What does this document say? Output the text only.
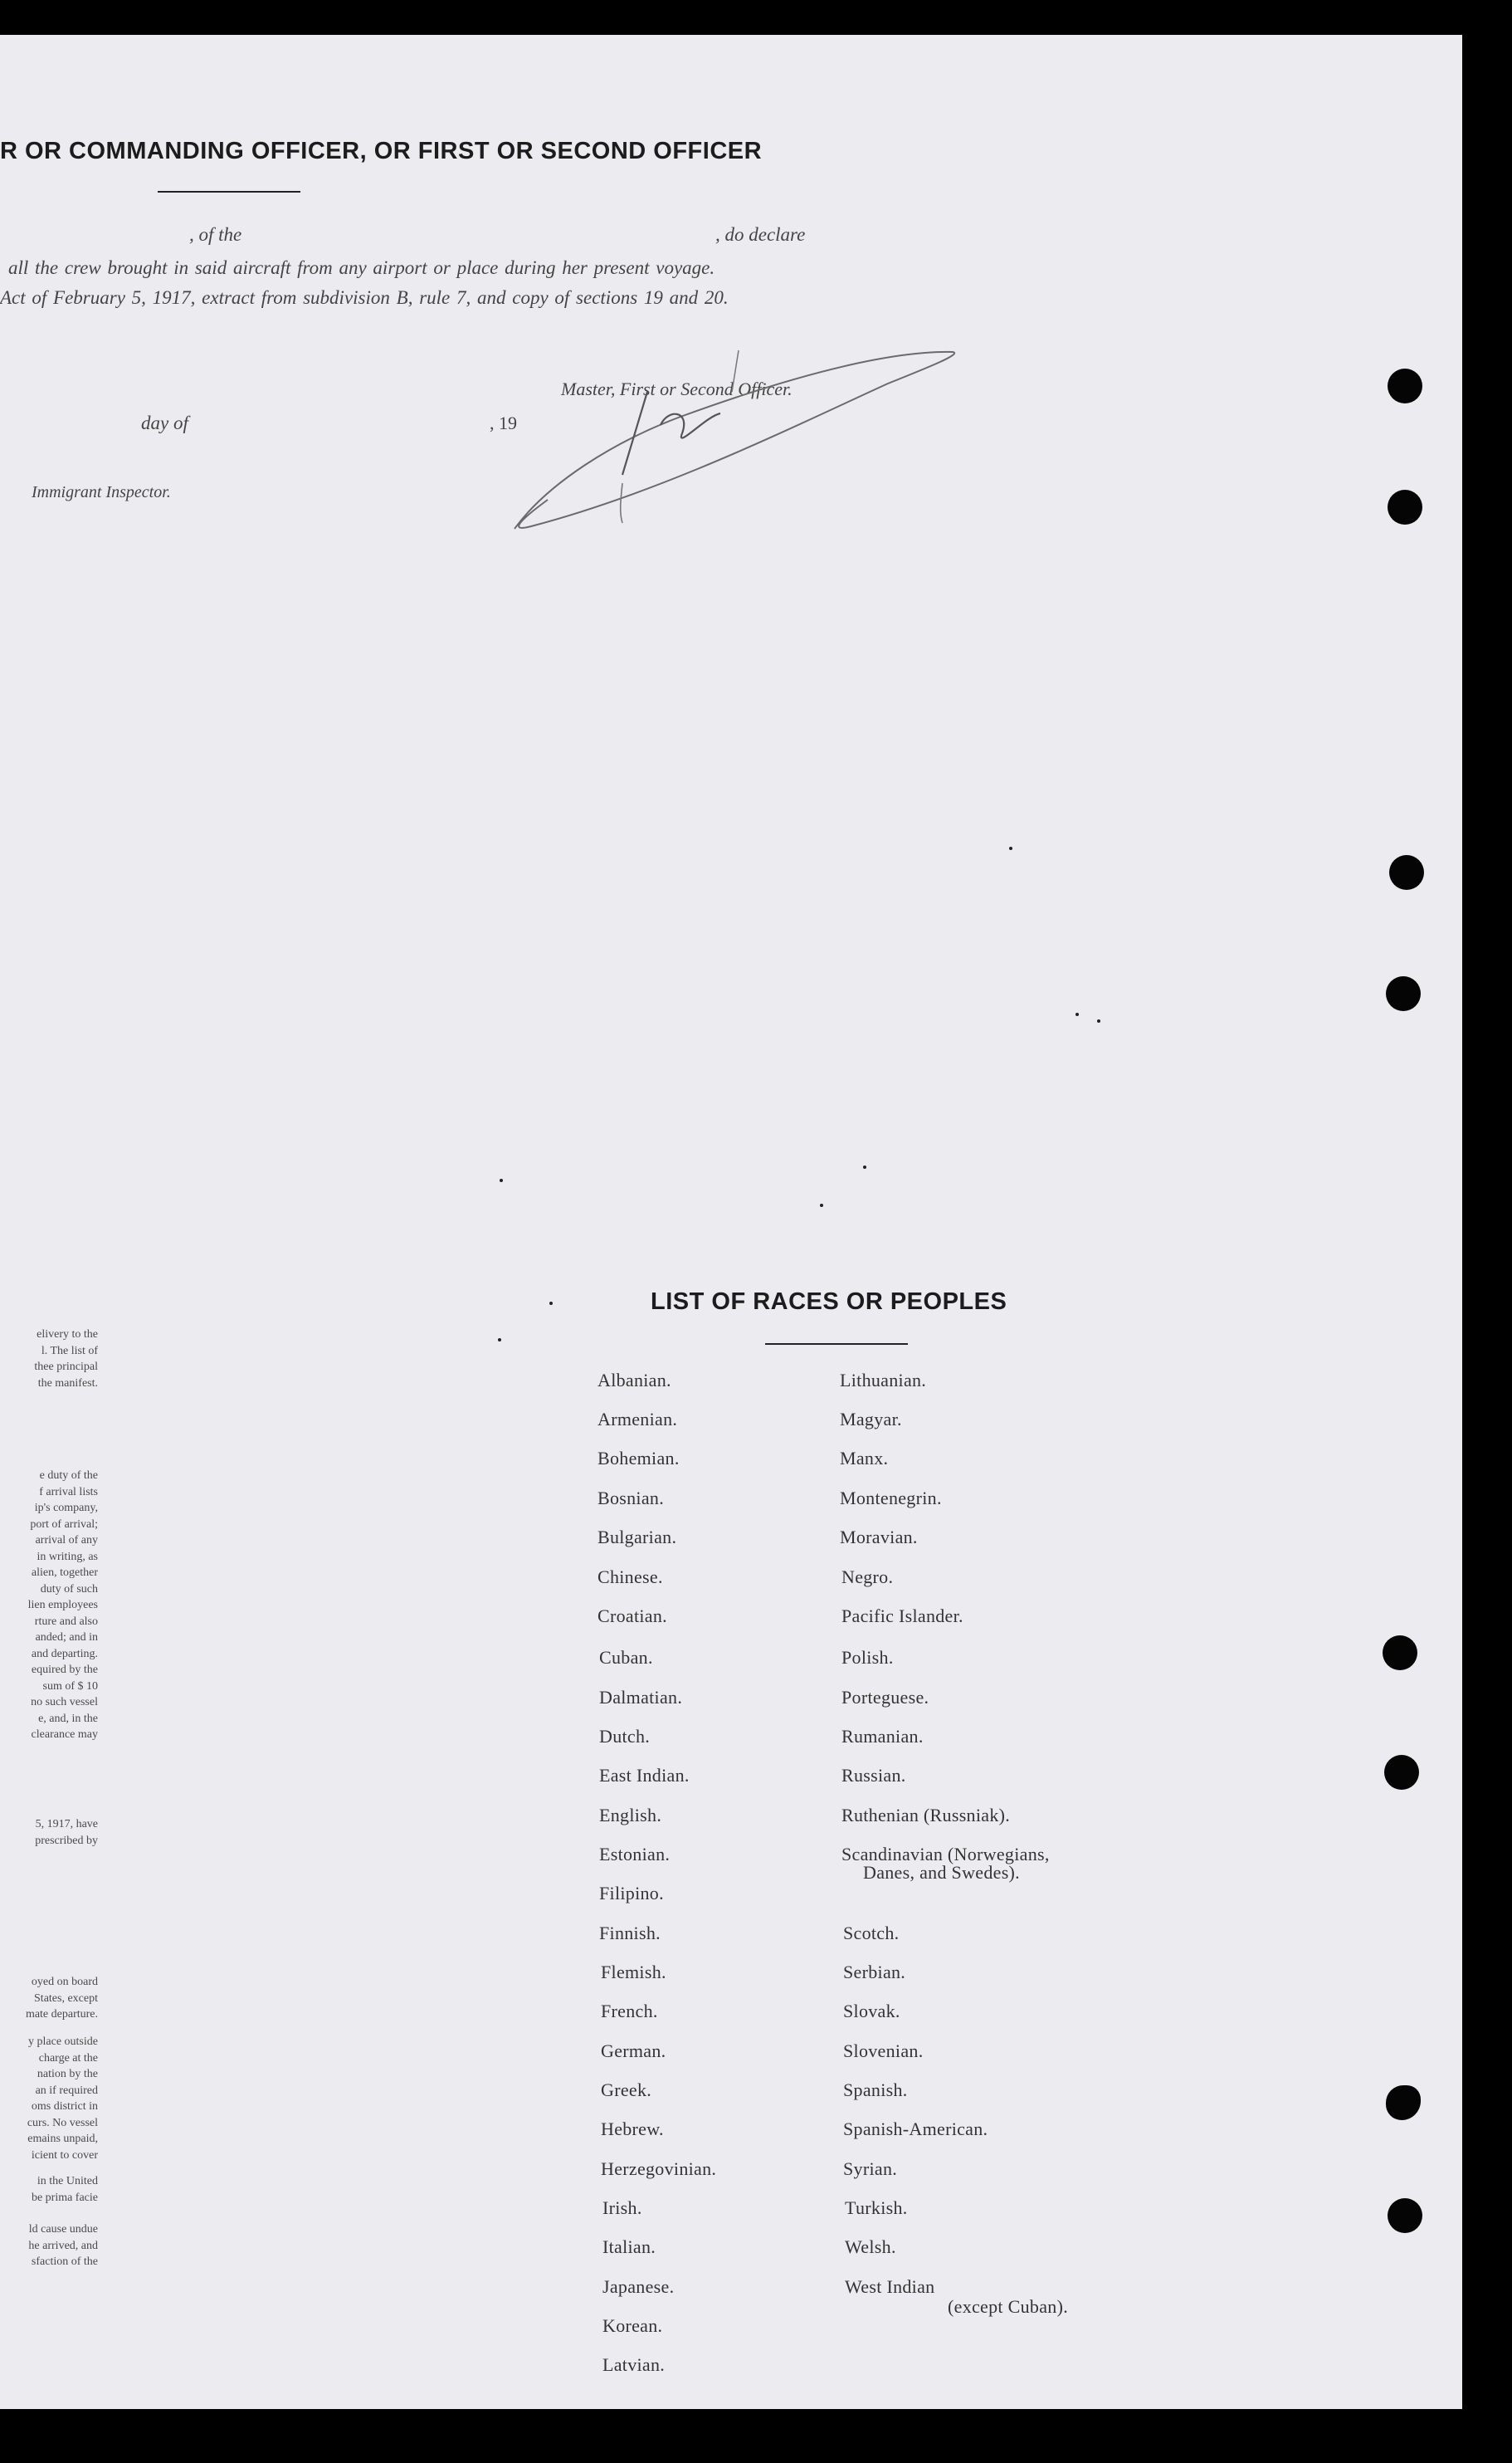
R OR COMMANDING OFFICER, OR FIRST OR SECOND OFFICER
, of the	, do declare
all the crew brought in said aircraft from any airport or place during her present voyage.
Act of February 5, 1917, extract from subdivision B, rule 7, and copy of sections 19 and 20.
Master, First or Second Officer.
day of	, 19
Immigrant Inspector.
elivery to the
l. The list of
thee principal
the manifest.
e duty of the
f arrival lists
ip's company,
port of arrival;
arrival of any
in writing, as
alien, together
duty of such
lien employees
rture and also
anded; and in
and departing.
equired by the
sum of $ 10
no such vessel
e, and, in the
clearance may
5, 1917, have
prescribed by
oyed on board
States, except
mate departure.
y place outside
charge at the
nation by the
an if required
oms district in
curs. No vessel
emains unpaid,
icient to cover
in the United
be prima facie
ld cause undue
he arrived, and
sfaction of the
LIST OF RACES OR PEOPLES
Albanian.
Armenian.
Bohemian.
Bosnian.
Bulgarian.
Chinese.
Croatian.
Cuban.
Dalmatian.
Dutch.
East Indian.
English.
Estonian.
Filipino.
Finnish.
Flemish.
French.
German.
Greek.
Hebrew.
Herzegovinian.
Irish.
Italian.
Japanese.
Korean.
Latvian.
Lithuanian.
Magyar.
Manx.
Montenegrin.
Moravian.
Negro.
Pacific Islander.
Polish.
Porteguese.
Rumanian.
Russian.
Ruthenian (Russniak).
Scandinavian (Norwegians,
Danes, and Swedes).
Scotch.
Serbian.
Slovak.
Slovenian.
Spanish.
Spanish-American.
Syrian.
Turkish.
Welsh.
West Indian
(except Cuban).
